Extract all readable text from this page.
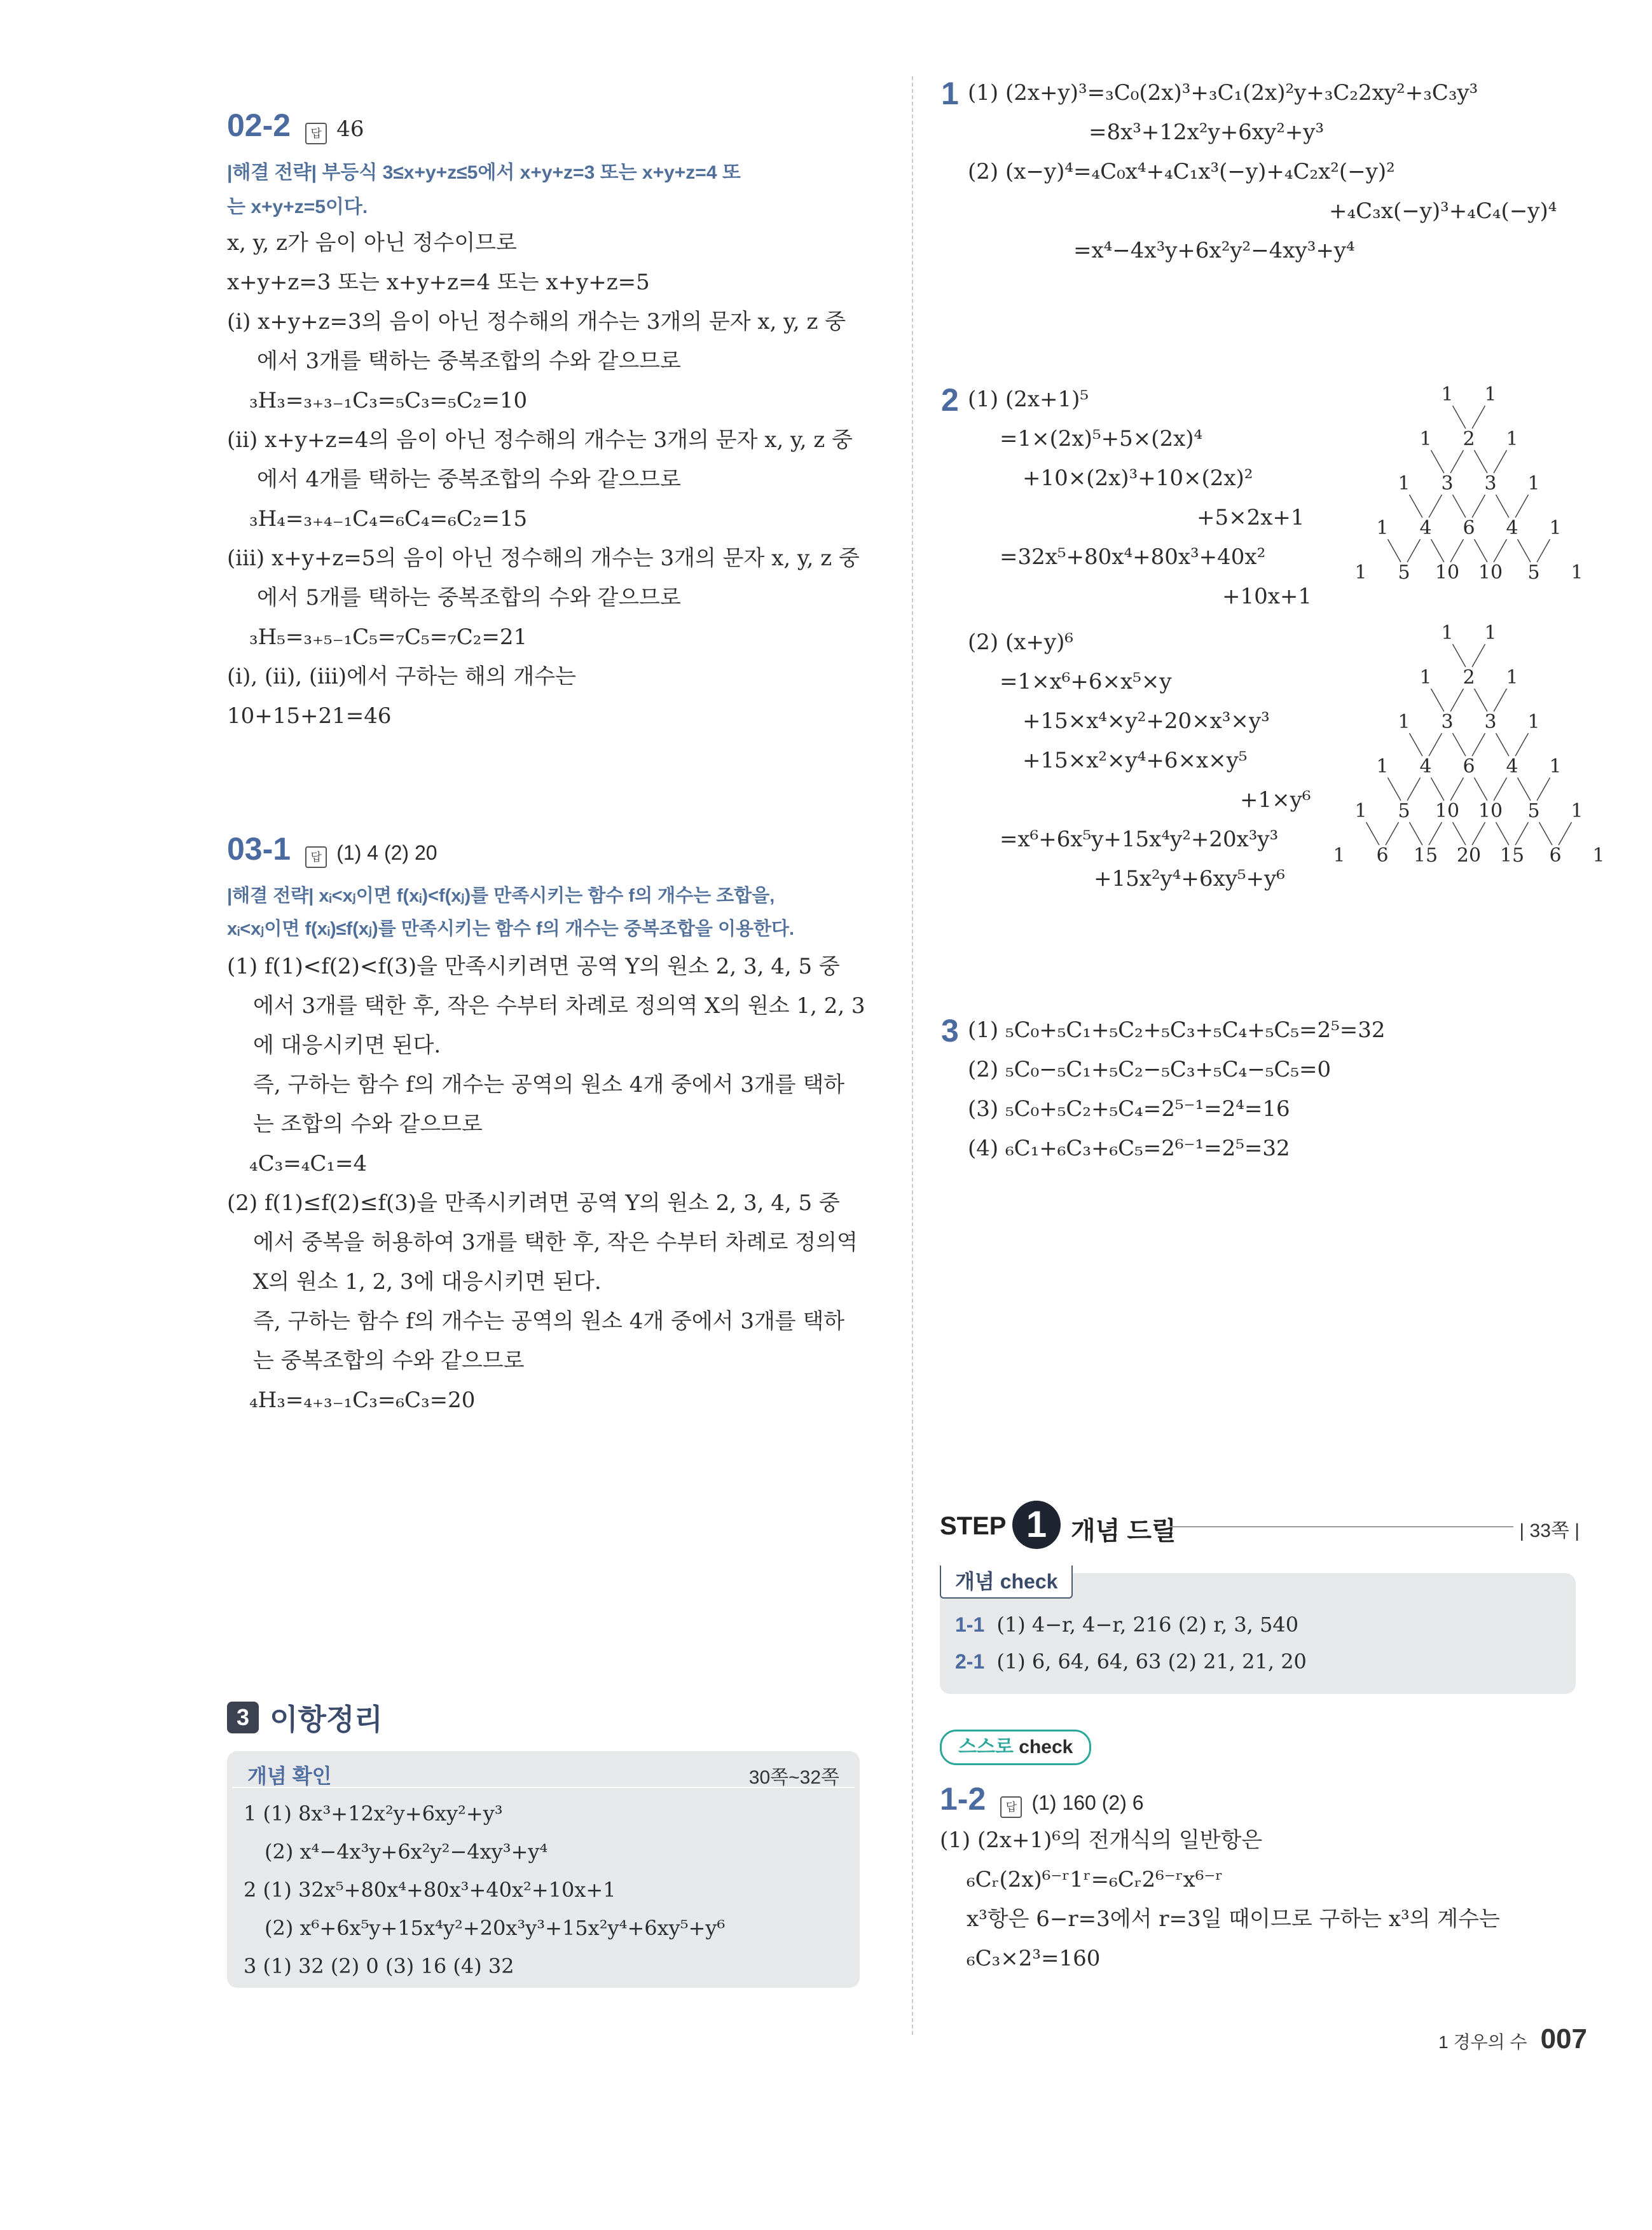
02-2 답 46
|해결 전략| 부등식 3≤x+y+z≤5에서 x+y+z=3 또는 x+y+z=4 또
는 x+y+z=5이다.
x, y, z가 음이 아닌 정수이므로
x+y+z=3 또는 x+y+z=4 또는 x+y+z=5
(ⅰ) x+y+z=3의 음이 아닌 정수해의 개수는 3개의 문자 x, y, z 중
에서 3개를 택하는 중복조합의 수와 같으므로
₃H₃=₃₊₃₋₁C₃=₅C₃=₅C₂=10
(ⅱ) x+y+z=4의 음이 아닌 정수해의 개수는 3개의 문자 x, y, z 중
에서 4개를 택하는 중복조합의 수와 같으므로
₃H₄=₃₊₄₋₁C₄=₆C₄=₆C₂=15
(ⅲ) x+y+z=5의 음이 아닌 정수해의 개수는 3개의 문자 x, y, z 중
에서 5개를 택하는 중복조합의 수와 같으므로
₃H₅=₃₊₅₋₁C₅=₇C₅=₇C₂=21
(ⅰ), (ⅱ), (ⅲ)에서 구하는 해의 개수는
10+15+21=46
03-1 답 (1) 4 (2) 20
|해결 전략| xᵢ<xⱼ이면 f(xᵢ)<f(xⱼ)를 만족시키는 함수 f의 개수는 조합을,
xᵢ<xⱼ이면 f(xᵢ)≤f(xⱼ)를 만족시키는 함수 f의 개수는 중복조합을 이용한다.
(1) f(1)<f(2)<f(3)을 만족시키려면 공역 Y의 원소 2, 3, 4, 5 중
에서 3개를 택한 후, 작은 수부터 차례로 정의역 X의 원소 1, 2, 3
에 대응시키면 된다.
즉, 구하는 함수 f의 개수는 공역의 원소 4개 중에서 3개를 택하
는 조합의 수와 같으므로
₄C₃=₄C₁=4
(2) f(1)≤f(2)≤f(3)을 만족시키려면 공역 Y의 원소 2, 3, 4, 5 중
에서 중복을 허용하여 3개를 택한 후, 작은 수부터 차례로 정의역
X의 원소 1, 2, 3에 대응시키면 된다.
즉, 구하는 함수 f의 개수는 공역의 원소 4개 중에서 3개를 택하
는 중복조합의 수와 같으므로
₄H₃=₄₊₃₋₁C₃=₆C₃=20
3 이항정리
개념 확인	30쪽~32쪽
1 (1) 8x³+12x²y+6xy²+y³
(2) x⁴−4x³y+6x²y²−4xy³+y⁴
2 (1) 32x⁵+80x⁴+80x³+40x²+10x+1
(2) x⁶+6x⁵y+15x⁴y²+20x³y³+15x²y⁴+6xy⁵+y⁶
3 (1) 32 (2) 0 (3) 16 (4) 32
1 (1) (2x+y)³=₃C₀(2x)³+₃C₁(2x)²y+₃C₂2xy²+₃C₃y³
=8x³+12x²y+6xy²+y³
(2) (x−y)⁴=₄C₀x⁴+₄C₁x³(−y)+₄C₂x²(−y)²
+₄C₃x(−y)³+₄C₄(−y)⁴
=x⁴−4x³y+6x²y²−4xy³+y⁴
2 (1) (2x+1)⁵
=1×(2x)⁵+5×(2x)⁴
+10×(2x)³+10×(2x)²
+5×2x+1
=32x⁵+80x⁴+80x³+40x²
+10x+1
(2) (x+y)⁶
=1×x⁶+6×x⁵×y
+15×x⁴×y²+20×x³×y³
+15×x²×y⁴+6×x×y⁵
+1×y⁶
=x⁶+6x⁵y+15x⁴y²+20x³y³
+15x²y⁴+6xy⁵+y⁶
1 1
1 2 1
1 3 3 1
1 4 6 4 1
1 5 10 10 5 1
1 1
1 2 1
1 3 3 1
1 4 6 4 1
1 5 10 10 5 1
1 6 15 20 15 6 1
3 (1) ₅C₀+₅C₁+₅C₂+₅C₃+₅C₄+₅C₅=2⁵=32
(2) ₅C₀−₅C₁+₅C₂−₅C₃+₅C₄−₅C₅=0
(3) ₅C₀+₅C₂+₅C₄=2⁵⁻¹=2⁴=16
(4) ₆C₁+₆C₃+₆C₅=2⁶⁻¹=2⁵=32
STEP 1 개념 드릴	| 33쪽 |
개념 check
1-1 (1) 4−r, 4−r, 216 (2) r, 3, 540
2-1 (1) 6, 64, 64, 63 (2) 21, 21, 20
스스로 check
1-2 답 (1) 160 (2) 6
(1) (2x+1)⁶의 전개식의 일반항은
₆Cᵣ(2x)⁶⁻ʳ1ʳ=₆Cᵣ2⁶⁻ʳx⁶⁻ʳ
x³항은 6−r=3에서 r=3일 때이므로 구하는 x³의 계수는
₆C₃×2³=160
1 경우의 수 007
